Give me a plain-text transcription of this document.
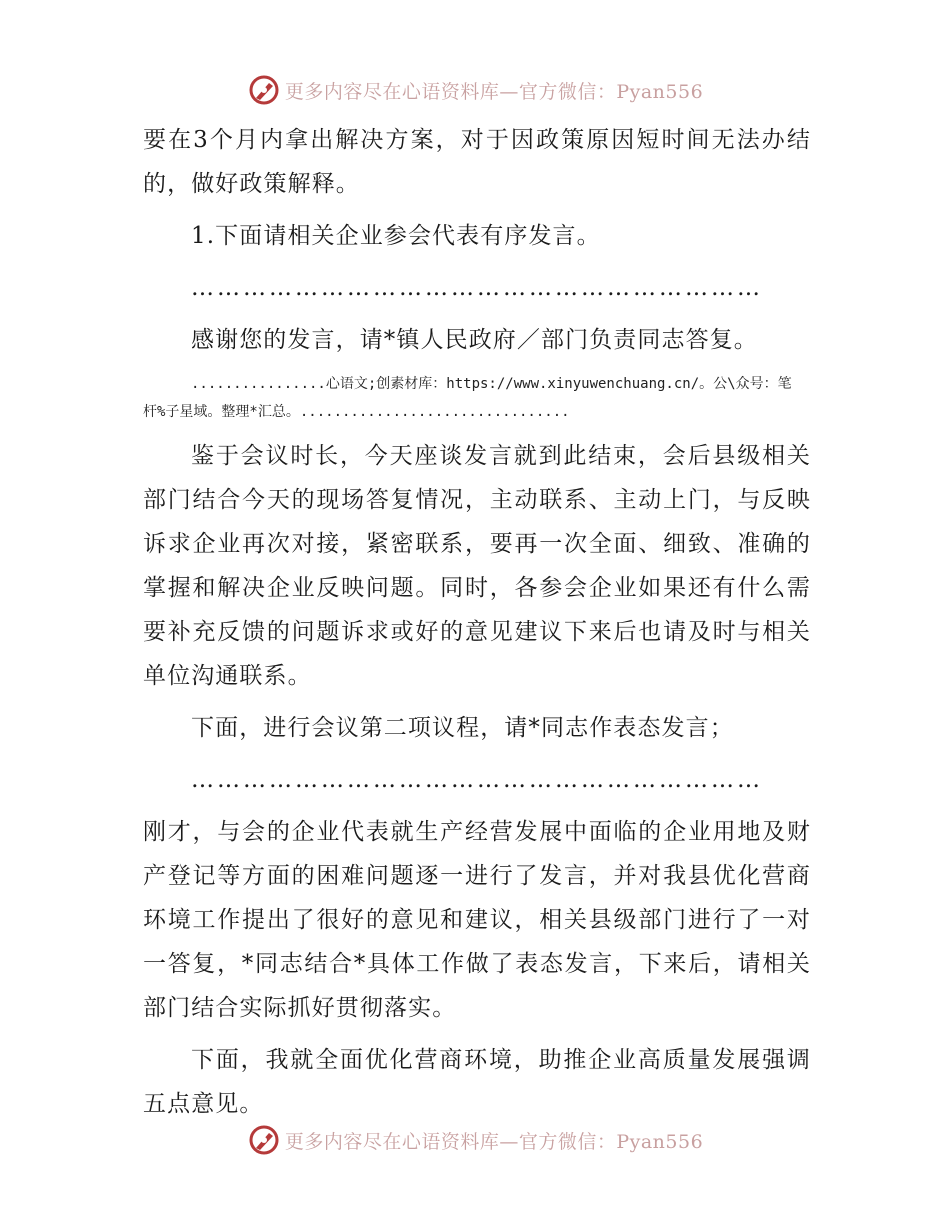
更多内容尽在心语资料库—官方微信：Pyan556

要在3个月内拿出解决方案，对于因政策原因短时间无法办结的，做好政策解释。

1.下面请相关企业参会代表有序发言。

…………………………………………………………

感谢您的发言，请*镇人民政府／部门负责同志答复。

................心语文;创素材库：https://www.xinyuwenchuang.cn/。公\众号：笔杆%子星域。整理*汇总。................................

鉴于会议时长，今天座谈发言就到此结束，会后县级相关部门结合今天的现场答复情况，主动联系、主动上门，与反映诉求企业再次对接，紧密联系，要再一次全面、细致、准确的掌握和解决企业反映问题。同时，各参会企业如果还有什么需要补充反馈的问题诉求或好的意见建议下来后也请及时与相关单位沟通联系。

下面，进行会议第二项议程，请*同志作表态发言；

…………………………………………………………

刚才，与会的企业代表就生产经营发展中面临的企业用地及财产登记等方面的困难问题逐一进行了发言，并对我县优化营商环境工作提出了很好的意见和建议，相关县级部门进行了一对一答复，*同志结合*具体工作做了表态发言，下来后，请相关部门结合实际抓好贯彻落实。

下面，我就全面优化营商环境，助推企业高质量发展强调五点意见。

更多内容尽在心语资料库—官方微信：Pyan556
